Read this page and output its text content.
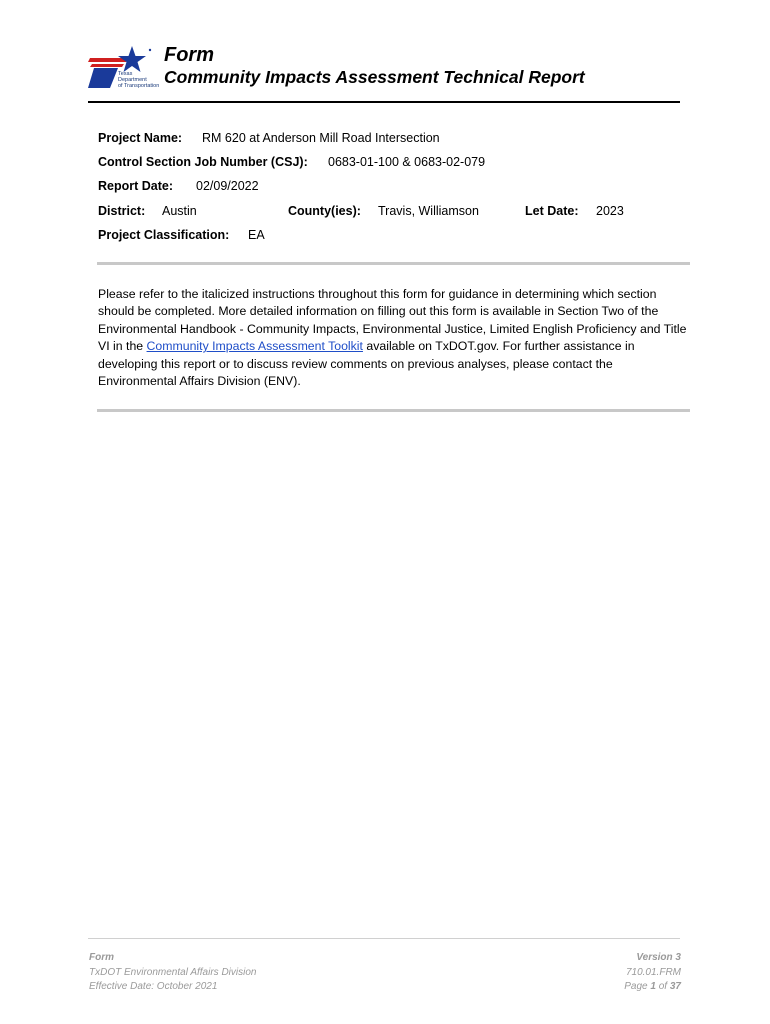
Texas
Department
of Transportation
Form
Community Impacts Assessment Technical Report
Project Name: RM 620 at Anderson Mill Road Intersection
Control Section Job Number (CSJ): 0683-01-100 & 0683-02-079
Report Date: 02/09/2022
District: Austin	County(ies): Travis, Williamson	Let Date: 2023
Project Classification: EA
Please refer to the italicized instructions throughout this form for guidance in determining which section should be completed. More detailed information on filling out this form is available in Section Two of the Environmental Handbook - Community Impacts, Environmental Justice, Limited English Proficiency and Title VI in the Community Impacts Assessment Toolkit available on TxDOT.gov. For further assistance in developing this report or to discuss review comments on previous analyses, please contact the Environmental Affairs Division (ENV).
Form
TxDOT Environmental Affairs Division
Effective Date: October 2021
Version 3
710.01.FRM
Page 1 of 37
